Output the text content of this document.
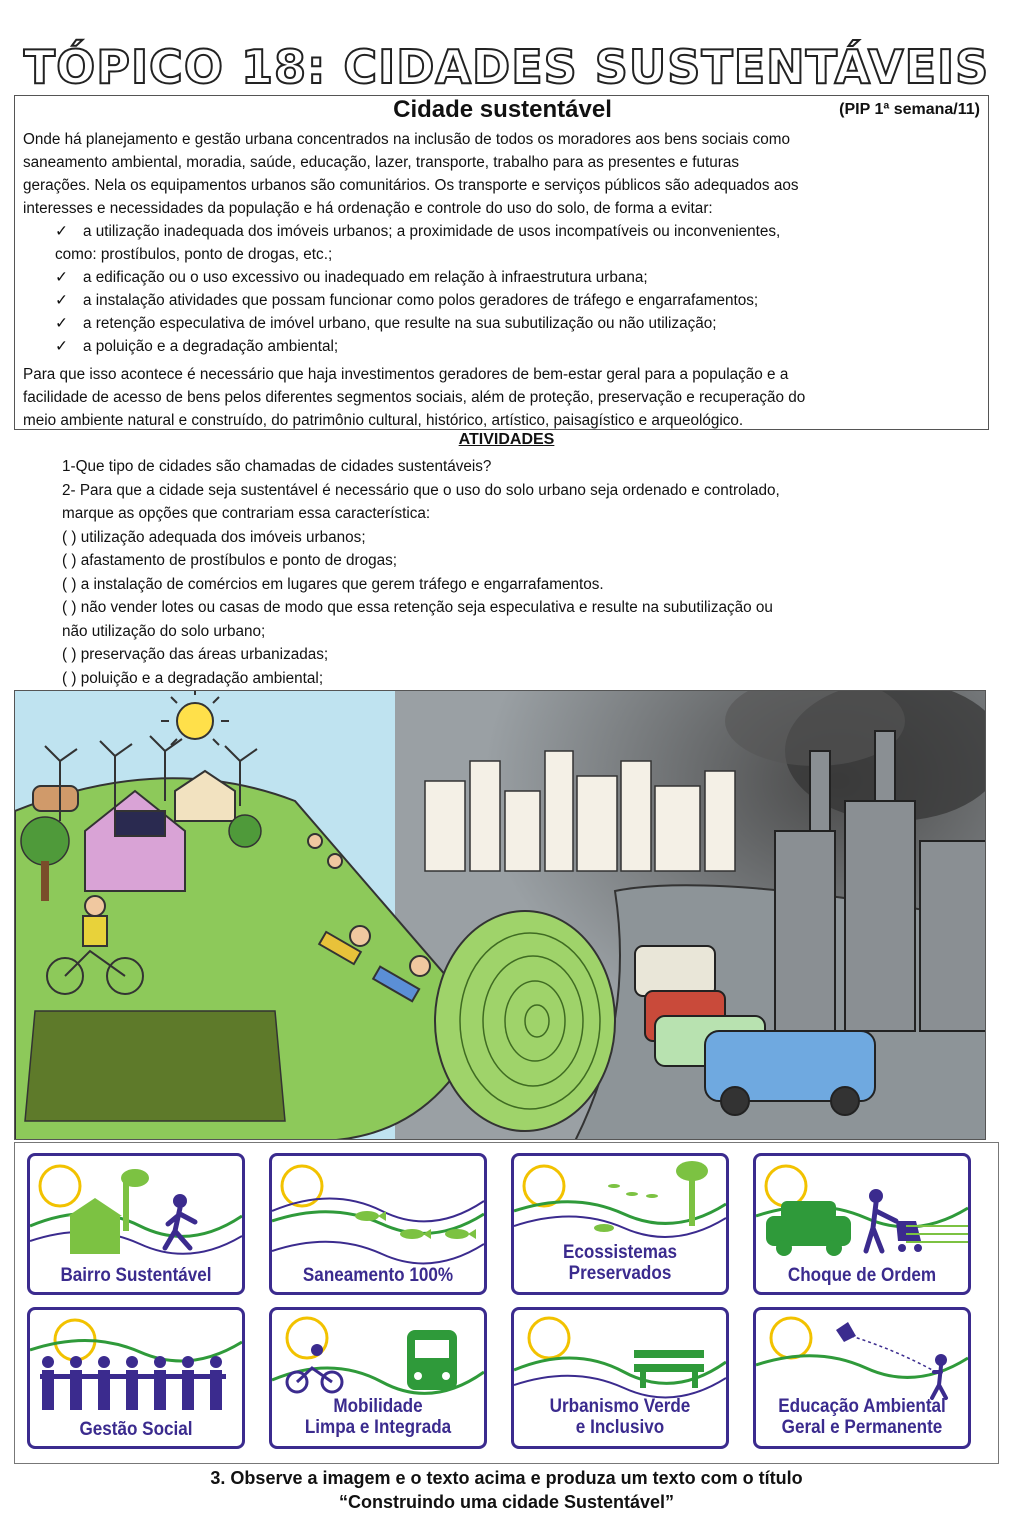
TÓPICO 18: CIDADES SUSTENTÁVEIS
Cidade sustentável	(PIP 1ª semana/11)
Onde há planejamento e gestão urbana concentrados na inclusão de todos os moradores aos bens sociais como
saneamento ambiental, moradia, saúde, educação, lazer, transporte, trabalho para as presentes e futuras
gerações. Nela os equipamentos urbanos são comunitários. Os transporte e serviços públicos são adequados aos
interesses e necessidades da população e há ordenação e controle do uso do solo, de forma a evitar:
✓ a utilização inadequada dos imóveis urbanos; a proximidade de usos incompatíveis ou inconvenientes,
como: prostíbulos, ponto de drogas, etc.;
✓ a edificação ou o uso excessivo ou inadequado em relação à infraestrutura urbana;
✓ a instalação atividades que possam funcionar como polos geradores de tráfego e engarrafamentos;
✓ a retenção especulativa de imóvel urbano, que resulte na sua subutilização ou não utilização;
✓ a poluição e a degradação ambiental;
Para que isso acontece é necessário que haja investimentos geradores de bem-estar geral para a população e a
facilidade de acesso de bens pelos diferentes segmentos sociais, além de proteção, preservação e recuperação do
meio ambiente natural e construído, do patrimônio cultural, histórico, artístico, paisagístico e arqueológico.
ATIVIDADES
1-Que tipo de cidades são chamadas de cidades sustentáveis?
2- Para que a cidade seja sustentável é necessário que o uso do solo urbano seja ordenado e controlado,
marque as opções que contrariam essa característica:
( )
utilização adequada dos imóveis urbanos;
( )
afastamento de prostíbulos e ponto de drogas;
( )
a instalação de comércios em lugares que gerem tráfego e engarrafamentos.
( )
não vender lotes ou casas de modo que essa retenção seja especulativa e resulte na subutilização ou
não utilização do solo urbano;
( )
preservação das áreas urbanizadas;
( )
poluição e a degradação ambiental;
Bairro Sustentável	Saneamento 100%
Ecossistemas
Preservados	Choque de Ordem
Gestão Social
Mobilidade
Limpa e Integrada
Urbanismo Verde
e Inclusivo
Educação Ambiental
Geral e Permanente
3. Observe a imagem e o texto acima e produza um texto com o título
“Construindo uma cidade Sustentável”
